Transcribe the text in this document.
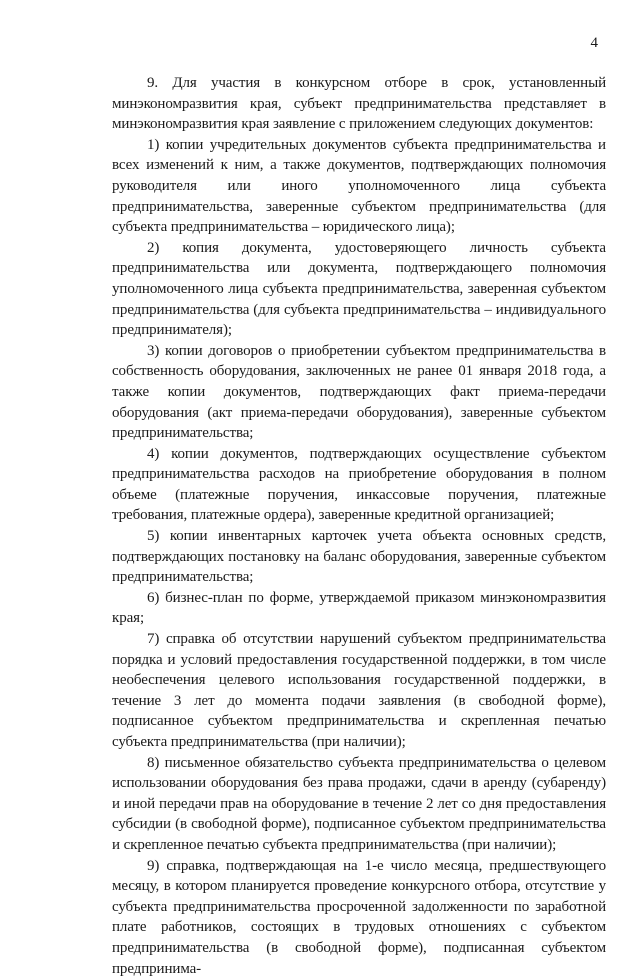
4

9. Для участия в конкурсном отборе в срок, установленный минэкономразвития края, субъект предпринимательства представляет в минэкономразвития края заявление с приложением следующих документов:

1) копии учредительных документов субъекта предпринимательства и всех изменений к ним, а также документов, подтверждающих полномочия руководителя или иного уполномоченного лица субъекта предпринимательства, заверенные субъектом предпринимательства (для субъекта предпринимательства – юридического лица);

2) копия документа, удостоверяющего личность субъекта предпринимательства или документа, подтверждающего полномочия уполномоченного лица субъекта предпринимательства, заверенная субъектом предпринимательства (для субъекта предпринимательства – индивидуального предпринимателя);

3) копии договоров о приобретении субъектом предпринимательства в собственность оборудования, заключенных не ранее 01 января 2018 года, а также копии документов, подтверждающих факт приема-передачи оборудования (акт приема-передачи оборудования), заверенные субъектом предпринимательства;

4) копии документов, подтверждающих осуществление субъектом предпринимательства расходов на приобретение оборудования в полном объеме (платежные поручения, инкассовые поручения, платежные требования, платежные ордера), заверенные кредитной организацией;

5) копии инвентарных карточек учета объекта основных средств, подтверждающих постановку на баланс оборудования, заверенные субъектом предпринимательства;

6) бизнес-план по форме, утверждаемой приказом минэкономразвития края;

7) справка об отсутствии нарушений субъектом предпринимательства порядка и условий предоставления государственной поддержки, в том числе необеспечения целевого использования государственной поддержки, в течение 3 лет до момента подачи заявления (в свободной форме), подписанное субъектом предпринимательства и скрепленная печатью субъекта предпринимательства (при наличии);

8) письменное обязательство субъекта предпринимательства о целевом использовании оборудования без права продажи, сдачи в аренду (субаренду) и иной передачи прав на оборудование в течение 2 лет со дня предоставления субсидии (в свободной форме), подписанное субъектом предпринимательства и скрепленное печатью субъекта предпринимательства (при наличии);

9) справка, подтверждающая на 1-е число месяца, предшествующего месяцу, в котором планируется проведение конкурсного отбора, отсутствие у субъекта предпринимательства просроченной задолженности по заработной плате работников, состоящих в трудовых отношениях с субъектом предпринимательства (в свободной форме), подписанная субъектом предпринима-
